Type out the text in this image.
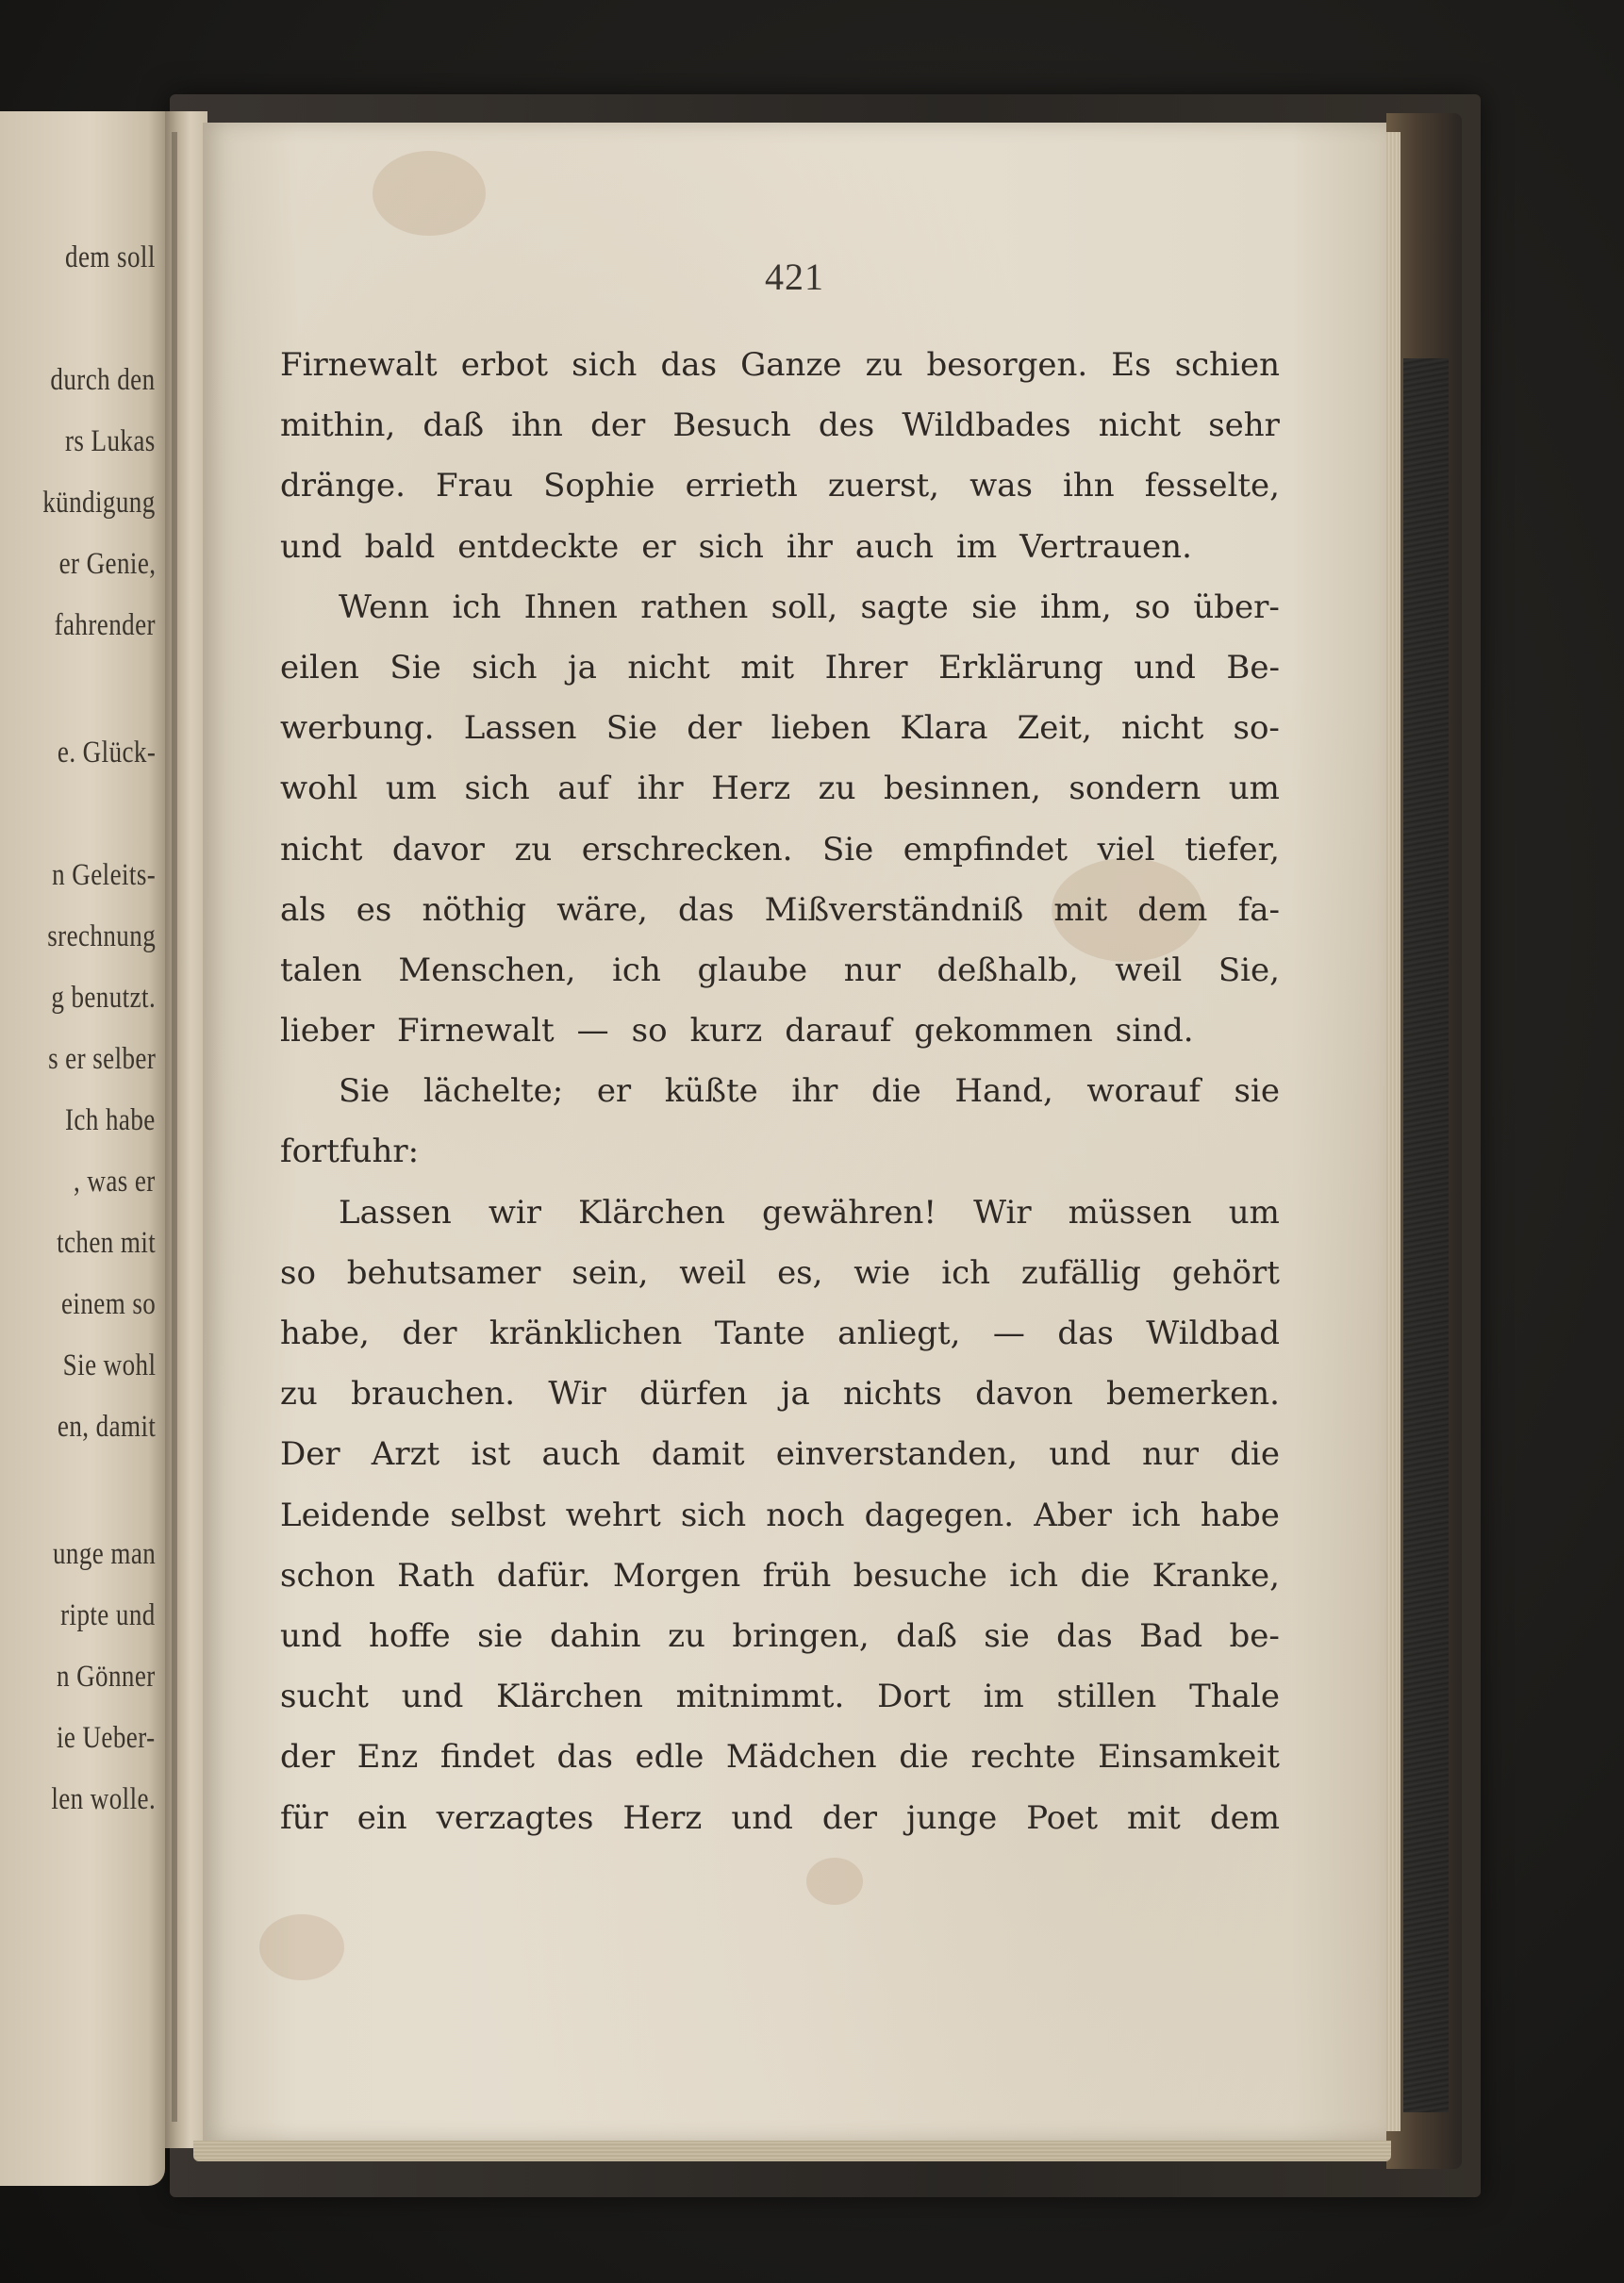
dem soll
durch den
rs Lukas
kündigung
er Genie,
fahrender
e. Glück-
n Geleits-
srechnung
g benutzt.
s er selber
Ich habe
, was er
tchen mit
einem so
Sie wohl
en, damit
unge man
ripte und
n Gönner
ie Ueber-
len wolle.
421
Firnewalt erbot sich das Ganze zu besorgen. Es schien
mithin, daß ihn der Besuch des Wildbades nicht sehr
dränge. Frau Sophie errieth zuerst, was ihn fesselte,
und bald entdeckte er sich ihr auch im Vertrauen.
Wenn ich Ihnen rathen soll, sagte sie ihm, so über-
eilen Sie sich ja nicht mit Ihrer Erklärung und Be-
werbung. Lassen Sie der lieben Klara Zeit, nicht so-
wohl um sich auf ihr Herz zu besinnen, sondern um
nicht davor zu erschrecken. Sie empfindet viel tiefer,
als es nöthig wäre, das Mißverständniß mit dem fa-
talen Menschen, ich glaube nur deßhalb, weil Sie,
lieber Firnewalt — so kurz darauf gekommen sind.
Sie lächelte; er küßte ihr die Hand, worauf sie
fortfuhr:
Lassen wir Klärchen gewähren! Wir müssen um
so behutsamer sein, weil es, wie ich zufällig gehört
habe, der kränklichen Tante anliegt, — das Wildbad
zu brauchen. Wir dürfen ja nichts davon bemerken.
Der Arzt ist auch damit einverstanden, und nur die
Leidende selbst wehrt sich noch dagegen. Aber ich habe
schon Rath dafür. Morgen früh besuche ich die Kranke,
und hoffe sie dahin zu bringen, daß sie das Bad be-
sucht und Klärchen mitnimmt. Dort im stillen Thale
der Enz findet das edle Mädchen die rechte Einsamkeit
für ein verzagtes Herz und der junge Poet mit dem
